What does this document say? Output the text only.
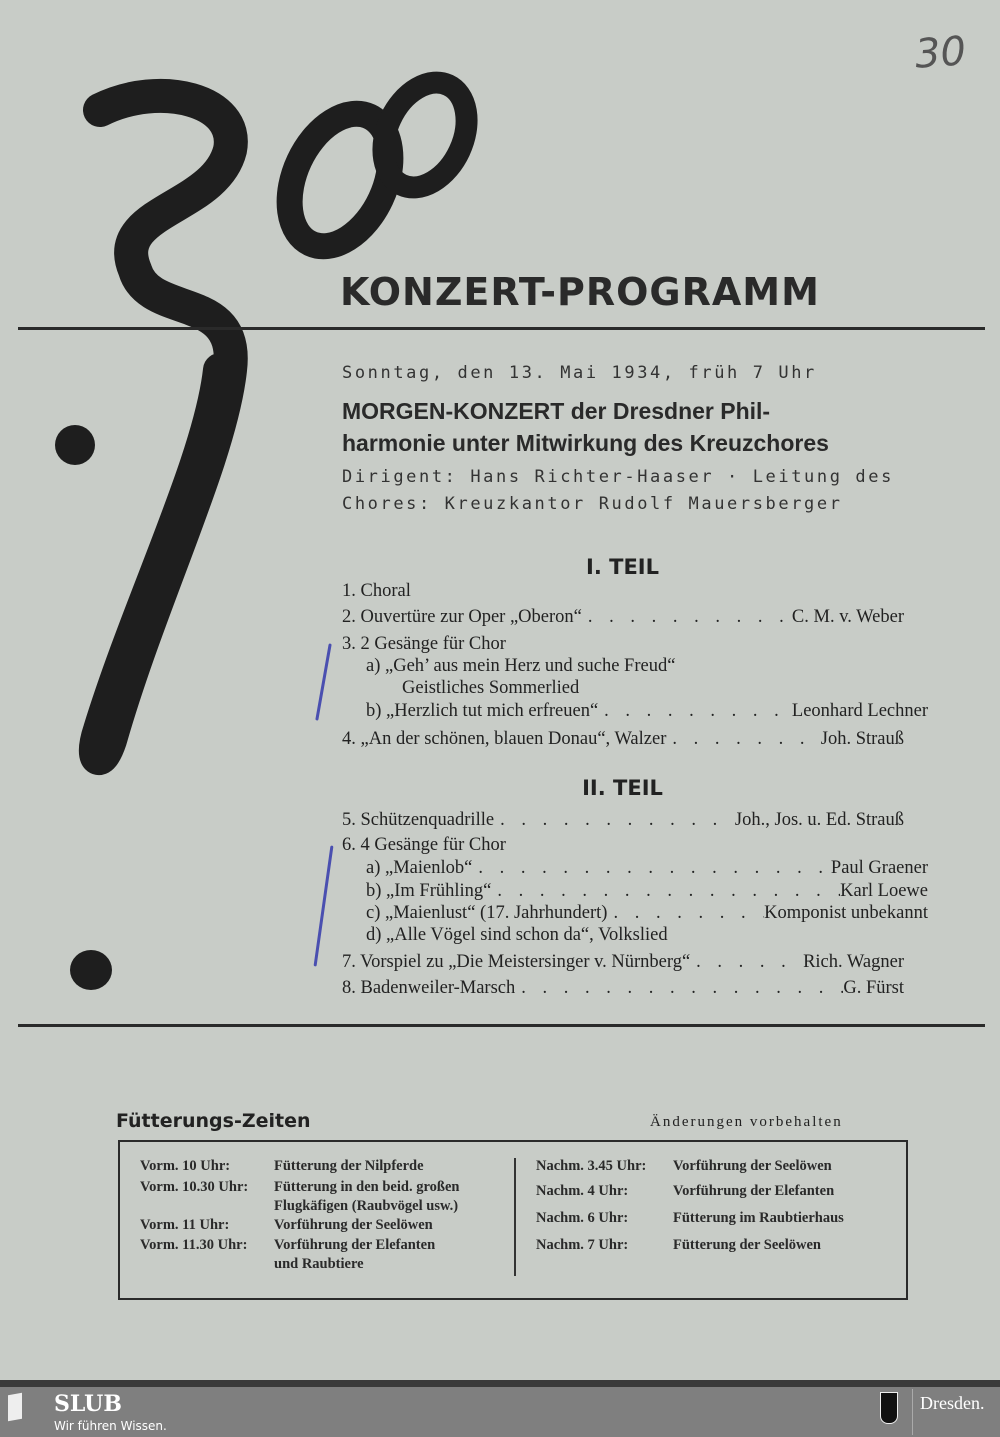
30
KONZERT-PROGRAMM
Sonntag, den 13. Mai 1934, früh 7 Uhr
MORGEN-KONZERT der Dresdner Phil-
harmonie unter Mitwirkung des Kreuzchores
Dirigent: Hans Richter-Haaser · Leitung des
Chores: Kreuzkantor Rudolf Mauersberger
I. TEIL
1. Choral
2. Ouvertüre zur Oper „Oberon“ . . .	C. M. v. Weber
3. 2 Gesänge für Chor
a) „Geh’ aus mein Herz und suche Freud“
Geistliches Sommerlied
b) „Herzlich tut mich erfreuen“ . . .	Leonhard Lechner
4. „An der schönen, blauen Donau“, Walzer . . .	Joh. Strauß
II. TEIL
5. Schützenquadrille . . .	Joh., Jos. u. Ed. Strauß
6. 4 Gesänge für Chor
a) „Maienlob“ . . .	Paul Graener
b) „Im Frühling“ . . .	Karl Loewe
c) „Maienlust“ (17. Jahrhundert) . . .	Komponist unbekannt
d) „Alle Vögel sind schon da“, Volkslied
7. Vorspiel zu „Die Meistersinger v. Nürnberg“ . . .	Rich. Wagner
8. Badenweiler-Marsch . . .	G. Fürst
Fütterungs-Zeiten	Änderungen vorbehalten
Vorm. 10 Uhr:	Fütterung der Nilpferde
Vorm. 10.30 Uhr: Fütterung in den beid. großen
Flugkäfigen (Raubvögel usw.)
Vorm. 11 Uhr:	Vorführung der Seelöwen
Vorm. 11.30 Uhr: Vorführung der Elefanten
und Raubtiere
Nachm. 3.45 Uhr: Vorführung der Seelöwen
Nachm. 4 Uhr:	Vorführung der Elefanten
Nachm. 6 Uhr:	Fütterung im Raubtierhaus
Nachm. 7 Uhr:	Fütterung der Seelöwen
SLUB
Wir führen Wissen.
Dresden.
